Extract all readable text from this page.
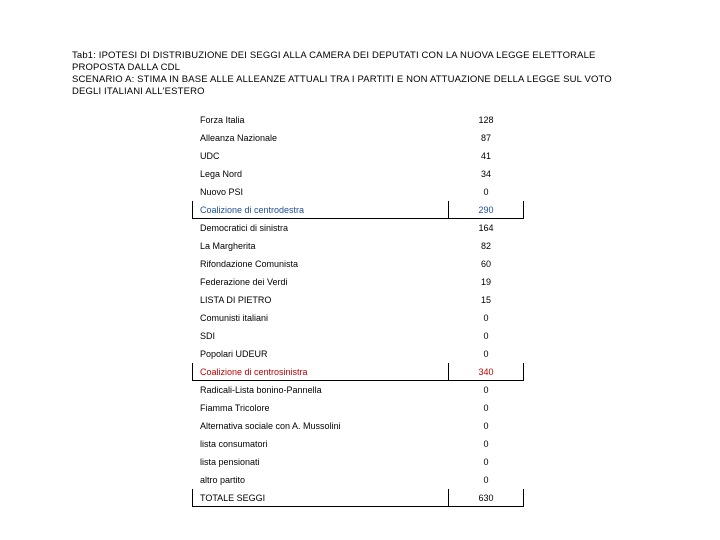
Tab1: IPOTESI DI DISTRIBUZIONE DEI SEGGI ALLA CAMERA DEI DEPUTATI CON LA NUOVA LEGGE ELETTORALE
PROPOSTA DALLA CDL
SCENARIO A: STIMA IN BASE ALLE ALLEANZE ATTUALI TRA I PARTITI E NON ATTUAZIONE DELLA LEGGE SUL VOTO
DEGLI ITALIANI ALL'ESTERO
Forza Italia	128
Alleanza Nazionale	87
UDC	41
Lega Nord	34
Nuovo PSI	0
Coalizione di centrodestra	290
Democratici di sinistra	164
La Margherita	82
Rifondazione Comunista	60
Federazione dei Verdi	19
LISTA DI PIETRO	15
Comunisti italiani	0
SDI	0
Popolari UDEUR	0
Coalizione di centrosinistra	340
Radicali-Lista bonino-Pannella	0
Fiamma Tricolore	0
Alternativa sociale con A. Mussolini	0
lista consumatori	0
lista pensionati	0
altro partito	0
TOTALE SEGGI	630
